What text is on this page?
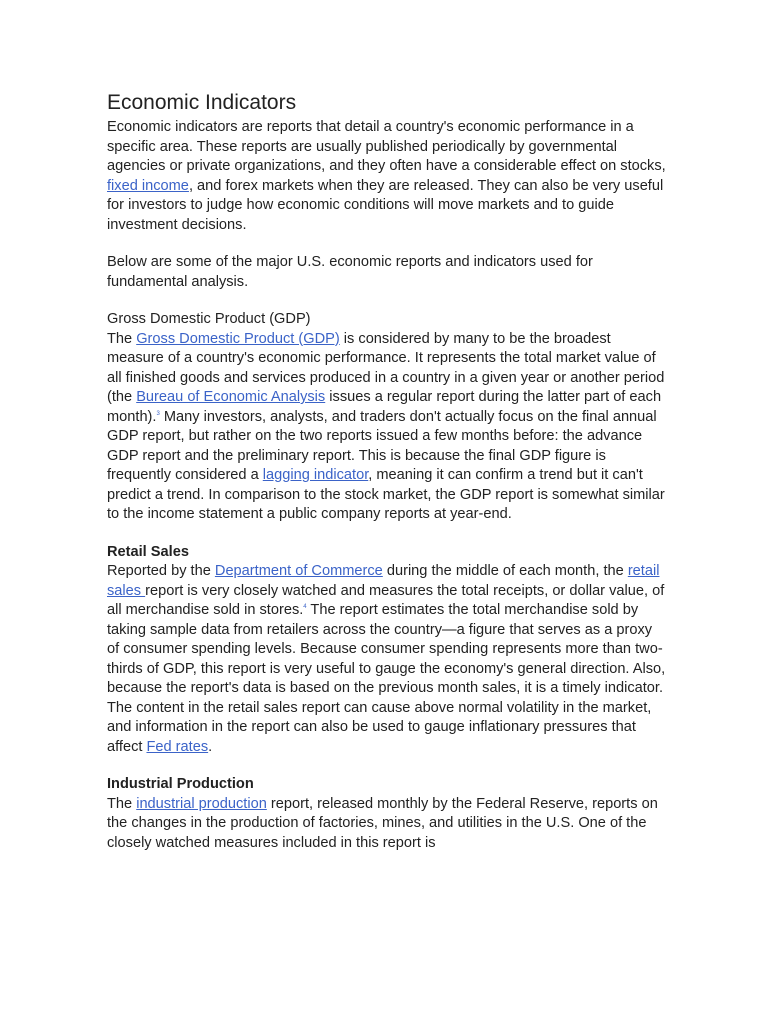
Economic Indicators

Economic indicators are reports that detail a country's economic performance in a specific area. These reports are usually published periodically by governmental agencies or private organizations, and they often have a considerable effect on stocks, fixed income, and forex markets when they are released. They can also be very useful for investors to judge how economic conditions will move markets and to guide investment decisions.

Below are some of the major U.S. economic reports and indicators used for fundamental analysis.

Gross Domestic Product (GDP)

The Gross Domestic Product (GDP) is considered by many to be the broadest measure of a country's economic performance. It represents the total market value of all finished goods and services produced in a country in a given year or another period (the Bureau of Economic Analysis issues a regular report during the latter part of each month).$^3$ Many investors, analysts, and traders don't actually focus on the final annual GDP report, but rather on the two reports issued a few months before: the advance GDP report and the preliminary report. This is because the final GDP figure is frequently considered a lagging indicator, meaning it can confirm a trend but it can't predict a trend. In comparison to the stock market, the GDP report is somewhat similar to the income statement a public company reports at year-end.

Retail Sales

Reported by the Department of Commerce during the middle of each month, the retail sales report is very closely watched and measures the total receipts, or dollar value, of all merchandise sold in stores.$^4$ The report estimates the total merchandise sold by taking sample data from retailers across the country—a figure that serves as a proxy of consumer spending levels. Because consumer spending represents more than two-thirds of GDP, this report is very useful to gauge the economy's general direction. Also, because the report's data is based on the previous month sales, it is a timely indicator. The content in the retail sales report can cause above normal volatility in the market, and information in the report can also be used to gauge inflationary pressures that affect Fed rates.

Industrial Production

The industrial production report, released monthly by the Federal Reserve, reports on the changes in the production of factories, mines, and utilities in the U.S. One of the closely watched measures included in this report is
